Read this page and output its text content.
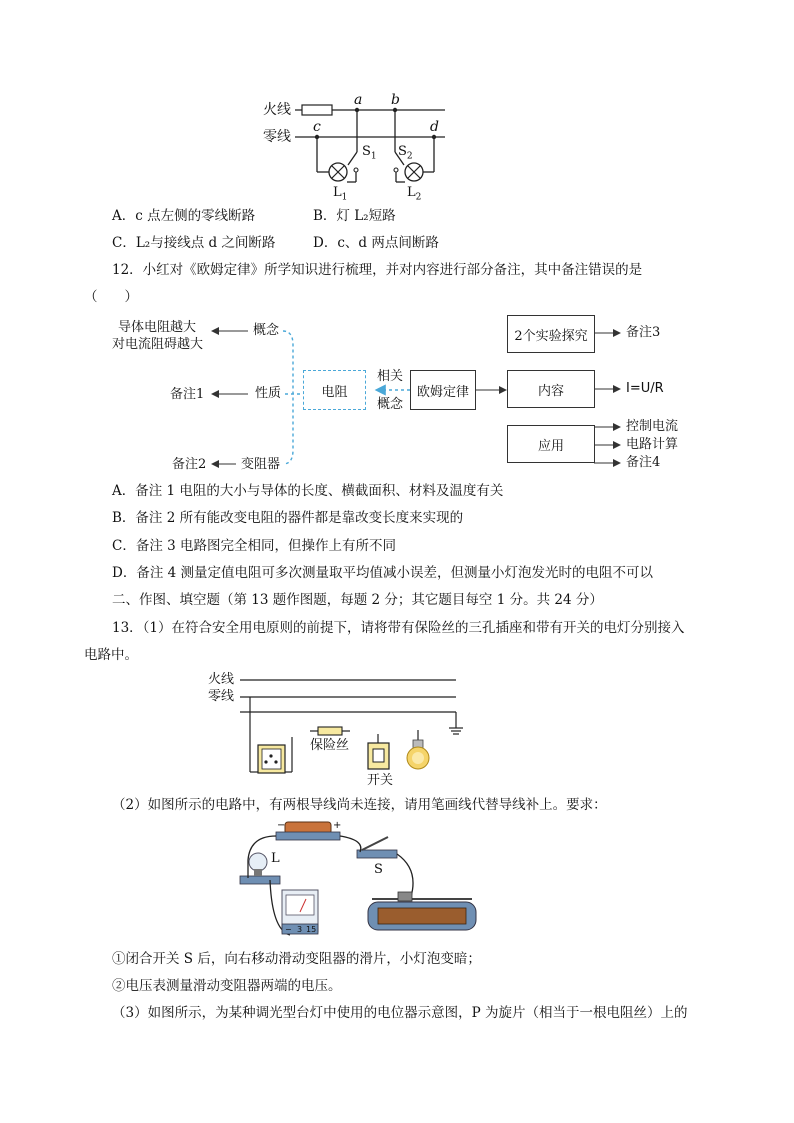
火线
零线
a b
c	d
$S_1$ $S_2$
$L_1$	$L_2$
A．c 点左侧的零线断路	B．灯 L₂短路
C．L₂与接线点 d 之间断路	D．c、d 两点间断路
12．小红对《欧姆定律》所学知识进行梳理，并对内容进行部分备注，其中备注错误的是
（　　）
导体电阻越大
对电流阻碍越大
概念
备注1	性质
备注2	变阻器
电阻
相关
概念
欧姆定律
2个实验探究	备注3
内容	I=U/R
应用
控制电流
电路计算
备注4
A．备注 1 电阻的大小与导体的长度、横截面积、材料及温度有关
B．备注 2 所有能改变电阻的器件都是靠改变长度来实现的
C．备注 3 电路图完全相同，但操作上有所不同
D．备注 4 测量定值电阻可多次测量取平均值减小误差，但测量小灯泡发光时的电阻不可以
二、作图、填空题（第 13 题作图题，每题 2 分；其它题目每空 1 分。共 24 分）
13．（1）在符合安全用电原则的前提下，请将带有保险丝的三孔插座和带有开关的电灯分别接入
电路中。
火线
零线
保险丝
开关
（2）如图所示的电路中，有两根导线尚未连接，请用笔画线代替导线补上。要求：
−	+
L
S
− 3 15
①闭合开关 S 后，向右移动滑动变阻器的滑片，小灯泡变暗；
②电压表测量滑动变阻器两端的电压。
（3）如图所示，为某种调光型台灯中使用的电位器示意图，P 为旋片（相当于一根电阻丝）上的
